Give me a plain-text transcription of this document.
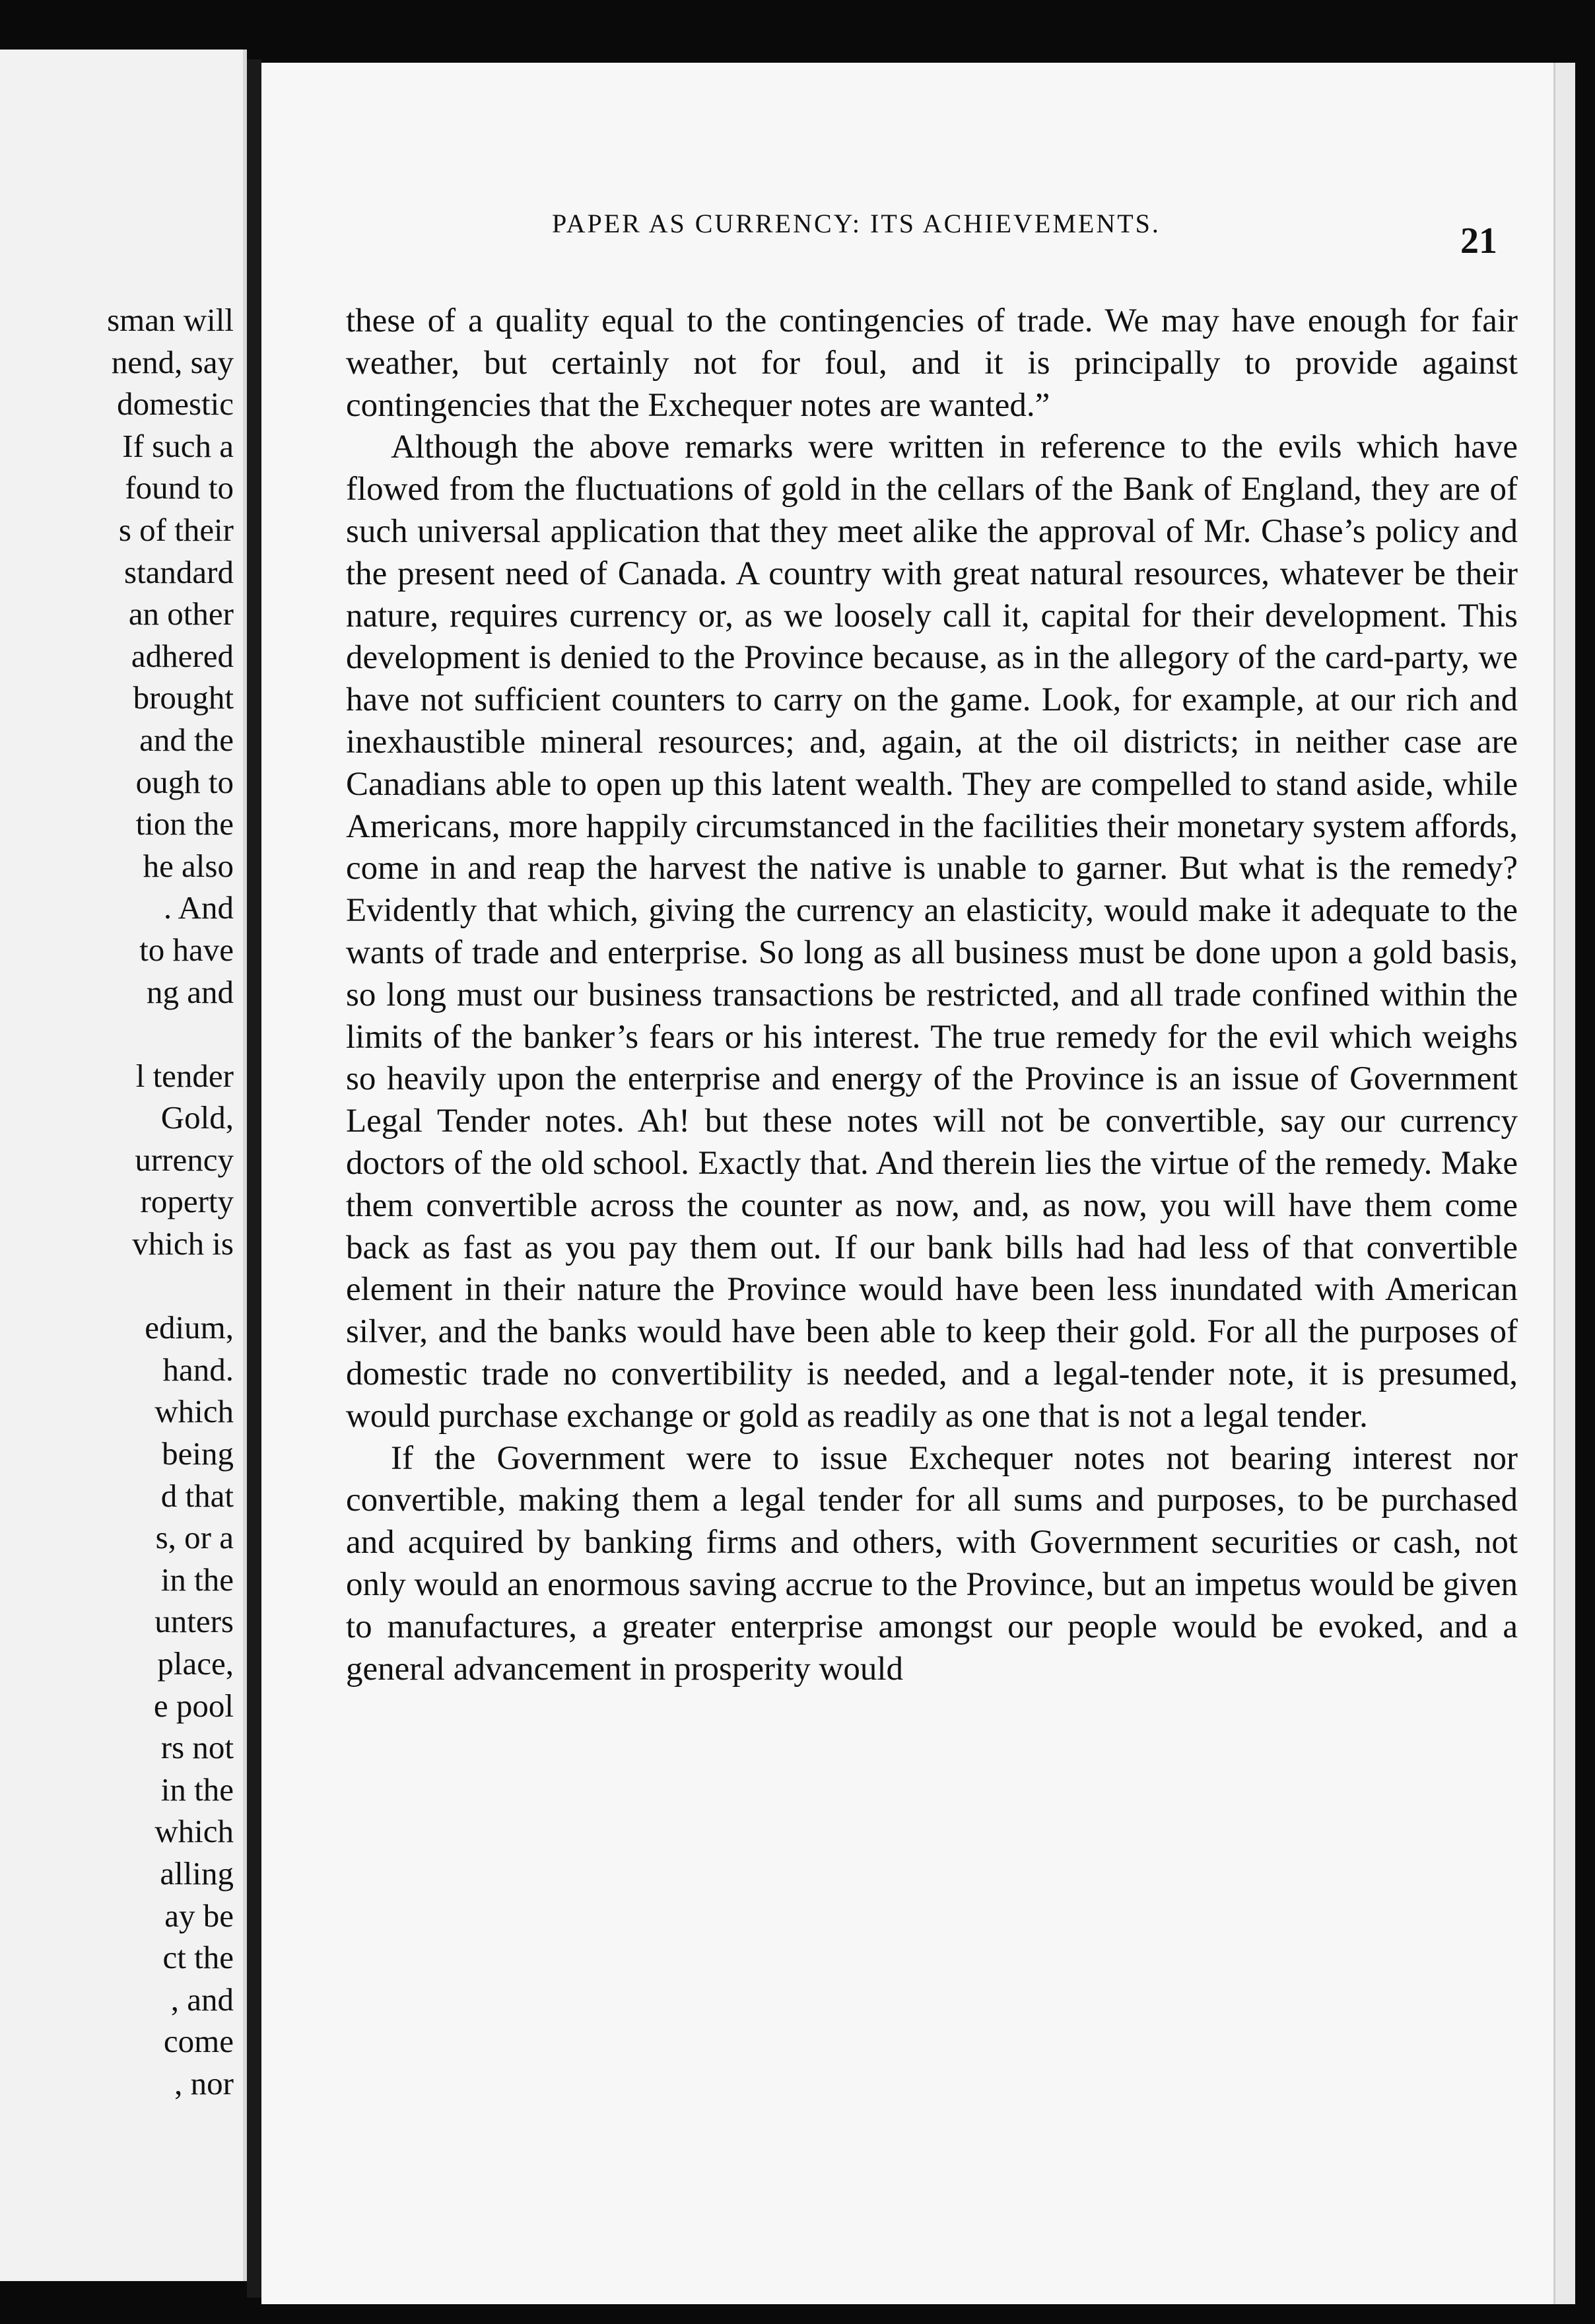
sman will
nend, say
domestic
If such a
found to
s of their
standard
an other
adhered
brought
and the
ough to
tion the
he also
. And
to have
ng and

l tender
Gold,
urrency
roperty
vhich is

edium,
hand.
which
being
d that
s, or a
in the
unters
place,
e pool
rs not
in the
which
alling
ay be
ct the
, and
come
, nor
PAPER AS CURRENCY: ITS ACHIEVEMENTS.	21

these of a quality equal to the contingencies of trade. We may have enough for fair weather, but certainly not for foul, and it is principally to provide against contingencies that the Exchequer notes are wanted.”

Although the above remarks were written in reference to the evils which have flowed from the fluctuations of gold in the cellars of the Bank of England, they are of such universal application that they meet alike the approval of Mr. Chase’s policy and the present need of Canada. A country with great natural resources, whatever be their nature, requires currency or, as we loosely call it, capital for their development. This development is denied to the Province because, as in the allegory of the card-party, we have not sufficient counters to carry on the game. Look, for example, at our rich and inexhaustible mineral resources; and, again, at the oil districts; in neither case are Canadians able to open up this latent wealth. They are compelled to stand aside, while Americans, more happily circumstanced in the facilities their monetary system affords, come in and reap the harvest the native is unable to garner. But what is the remedy? Evidently that which, giving the currency an elasticity, would make it adequate to the wants of trade and enterprise. So long as all business must be done upon a gold basis, so long must our business transactions be restricted, and all trade confined within the limits of the banker’s fears or his interest. The true remedy for the evil which weighs so heavily upon the enterprise and energy of the Province is an issue of Government Legal Tender notes. Ah! but these notes will not be convertible, say our currency doctors of the old school. Exactly that. And therein lies the virtue of the remedy. Make them convertible across the counter as now, and, as now, you will have them come back as fast as you pay them out. If our bank bills had had less of that convertible element in their nature the Province would have been less inundated with American silver, and the banks would have been able to keep their gold. For all the purposes of domestic trade no convertibility is needed, and a legal-tender note, it is presumed, would purchase exchange or gold as readily as one that is not a legal tender.

If the Government were to issue Exchequer notes not bearing interest nor convertible, making them a legal tender for all sums and purposes, to be purchased and acquired by banking firms and others, with Government securities or cash, not only would an enormous saving accrue to the Province, but an impetus would be given to manufactures, a greater enterprise amongst our people would be evoked, and a general advancement in prosperity would
